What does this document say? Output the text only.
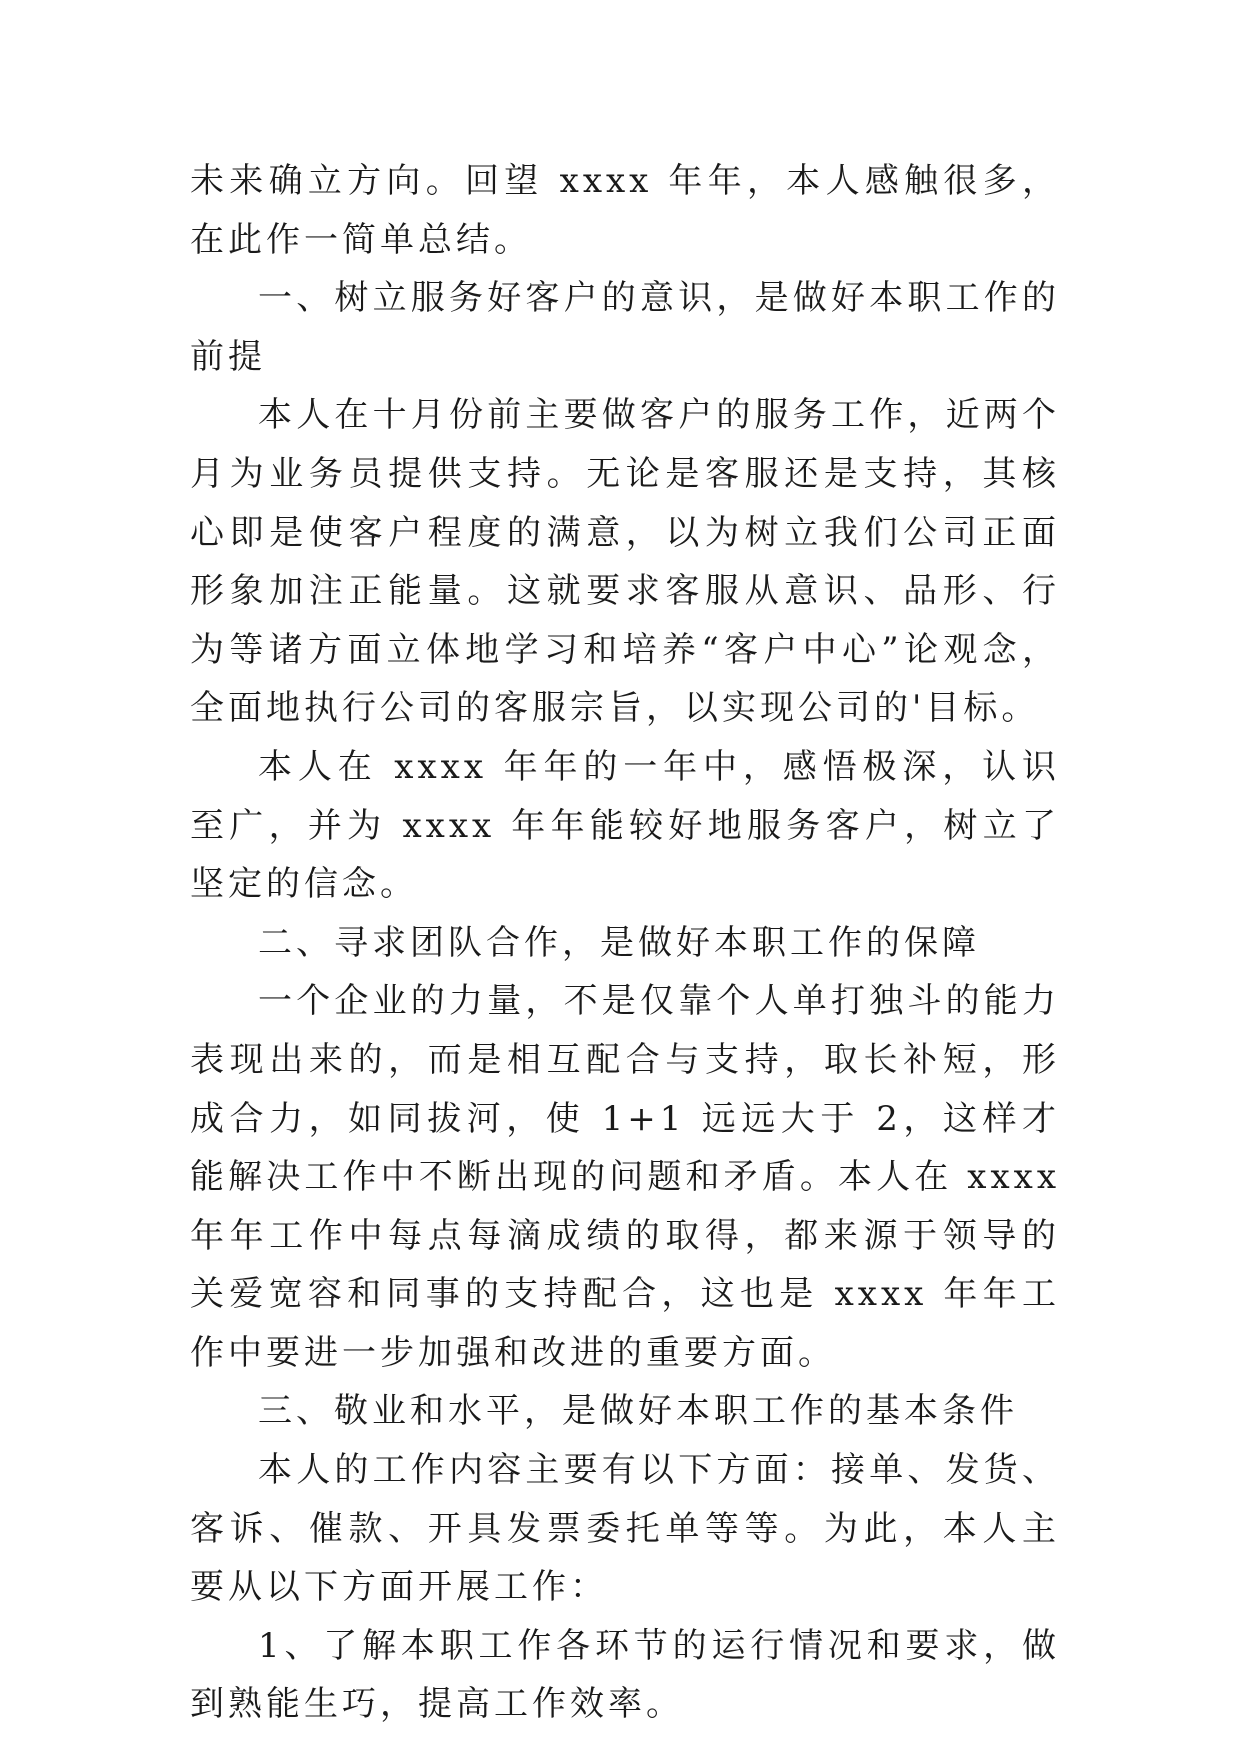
未来确立方向。回望 xxxx 年年，本人感触很多，在此作一简单总结。

一、树立服务好客户的意识，是做好本职工作的前提

本人在十月份前主要做客户的服务工作，近两个月为业务员提供支持。无论是客服还是支持，其核心即是使客户程度的满意，以为树立我们公司正面形象加注正能量。这就要求客服从意识、品形、行为等诸方面立体地学习和培养“客户中心”论观念，全面地执行公司的客服宗旨，以实现公司的'目标。

本人在 xxxx 年年的一年中，感悟极深，认识至广，并为 xxxx 年年能较好地服务客户，树立了坚定的信念。

二、寻求团队合作，是做好本职工作的保障

一个企业的力量，不是仅靠个人单打独斗的能力表现出来的，而是相互配合与支持，取长补短，形成合力，如同拔河，使 1+1 远远大于 2，这样才能解决工作中不断出现的问题和矛盾。本人在 xxxx 年年工作中每点每滴成绩的取得，都来源于领导的关爱宽容和同事的支持配合，这也是 xxxx 年年工作中要进一步加强和改进的重要方面。

三、敬业和水平，是做好本职工作的基本条件

本人的工作内容主要有以下方面：接单、发货、客诉、催款、开具发票委托单等等。为此，本人主要从以下方面开展工作：

1、了解本职工作各环节的运行情况和要求，做到熟能生巧，提高工作效率。
